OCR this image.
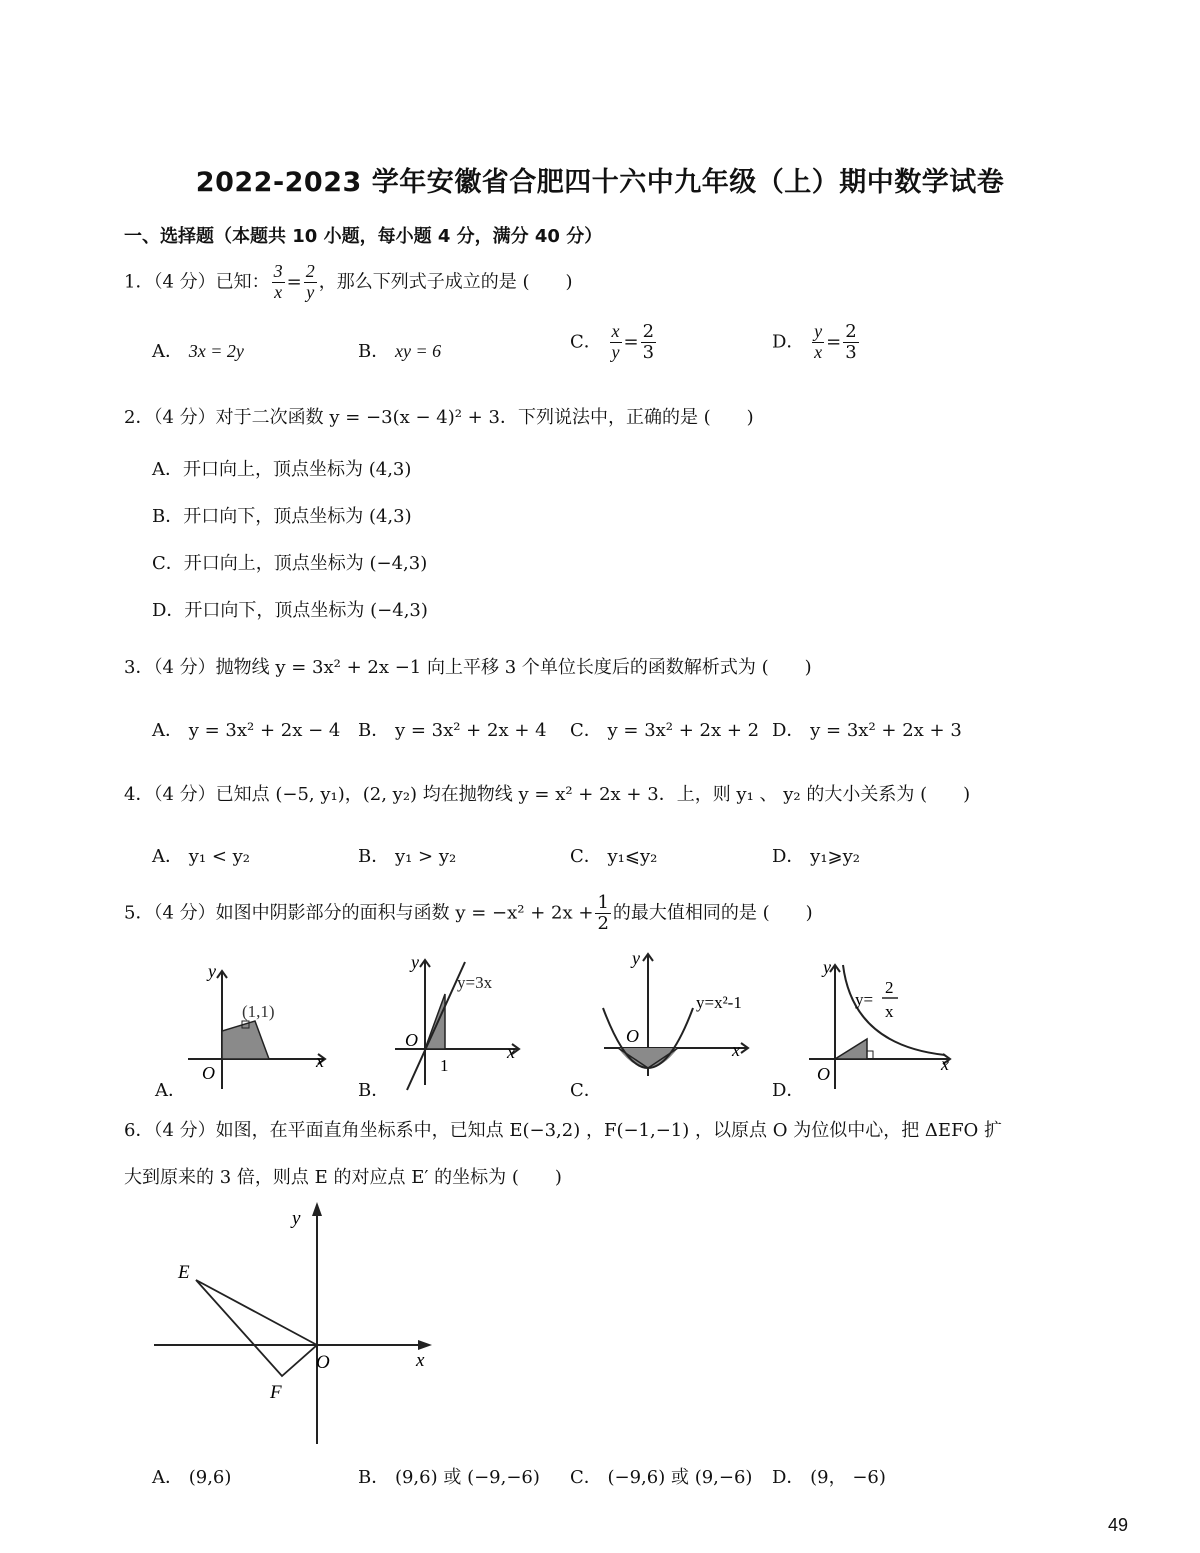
2022-2023 学年安徽省合肥四十六中九年级（上）期中数学试卷
一、选择题（本题共 10 小题，每小题 4 分，满分 40 分）
1．（4 分）已知： $\frac{3}{x} = \frac{2}{y}$ ，那么下列式子成立的是 (　　)
A． 3x = 2y	B． xy = 6	C． $\frac{x}{y} = \frac{2}{3}$	D． $\frac{y}{x} = \frac{2}{3}$
2．（4 分）对于二次函数 y = −3(x − 4)² + 3．下列说法中，正确的是 (　　)
A．开口向上，顶点坐标为 (4,3)
B．开口向下，顶点坐标为 (4,3)
C．开口向上，顶点坐标为 (−4,3)
D．开口向下，顶点坐标为 (−4,3)
3．（4 分）抛物线 y = 3x² + 2x −1 向上平移 3 个单位长度后的函数解析式为 (　　)
A． y = 3x² + 2x − 4 B． y = 3x² + 2x + 4 C． y = 3x² + 2x + 2 D． y = 3x² + 2x + 3
4．（4 分）已知点 (−5, y₁)，(2, y₂) 均在抛物线 y = x² + 2x + 3．上，则 y₁ 、 y₂ 的大小关系为 (　　)
A． y₁ < y₂	B． y₁ > y₂	C． y₁⩽y₂	D． y₁⩾y₂
5．（4 分）如图中阴影部分的面积与函数 $y = -x^2 + 2x + \frac{1}{2}$ 的最大值相同的是 (　　)
A．	B．	C．	D．
(1,1)
y
x
O
y=3x
1
y
x
O
y=x²-1
y
x
O
y=
2
x
y
x
O
6．（4 分）如图，在平面直角坐标系中，已知点 E(−3,2) ，F(−1,−1) ，以原点 O 为位似中心，把 ΔEFO 扩
大到原来的 3 倍，则点 E 的对应点 E′ 的坐标为 (　　)
E
F
O	x
y
A． (9,6)	B． (9,6) 或 (−9,−6) C． (−9,6) 或 (9,−6) D． (9， −6)
49
